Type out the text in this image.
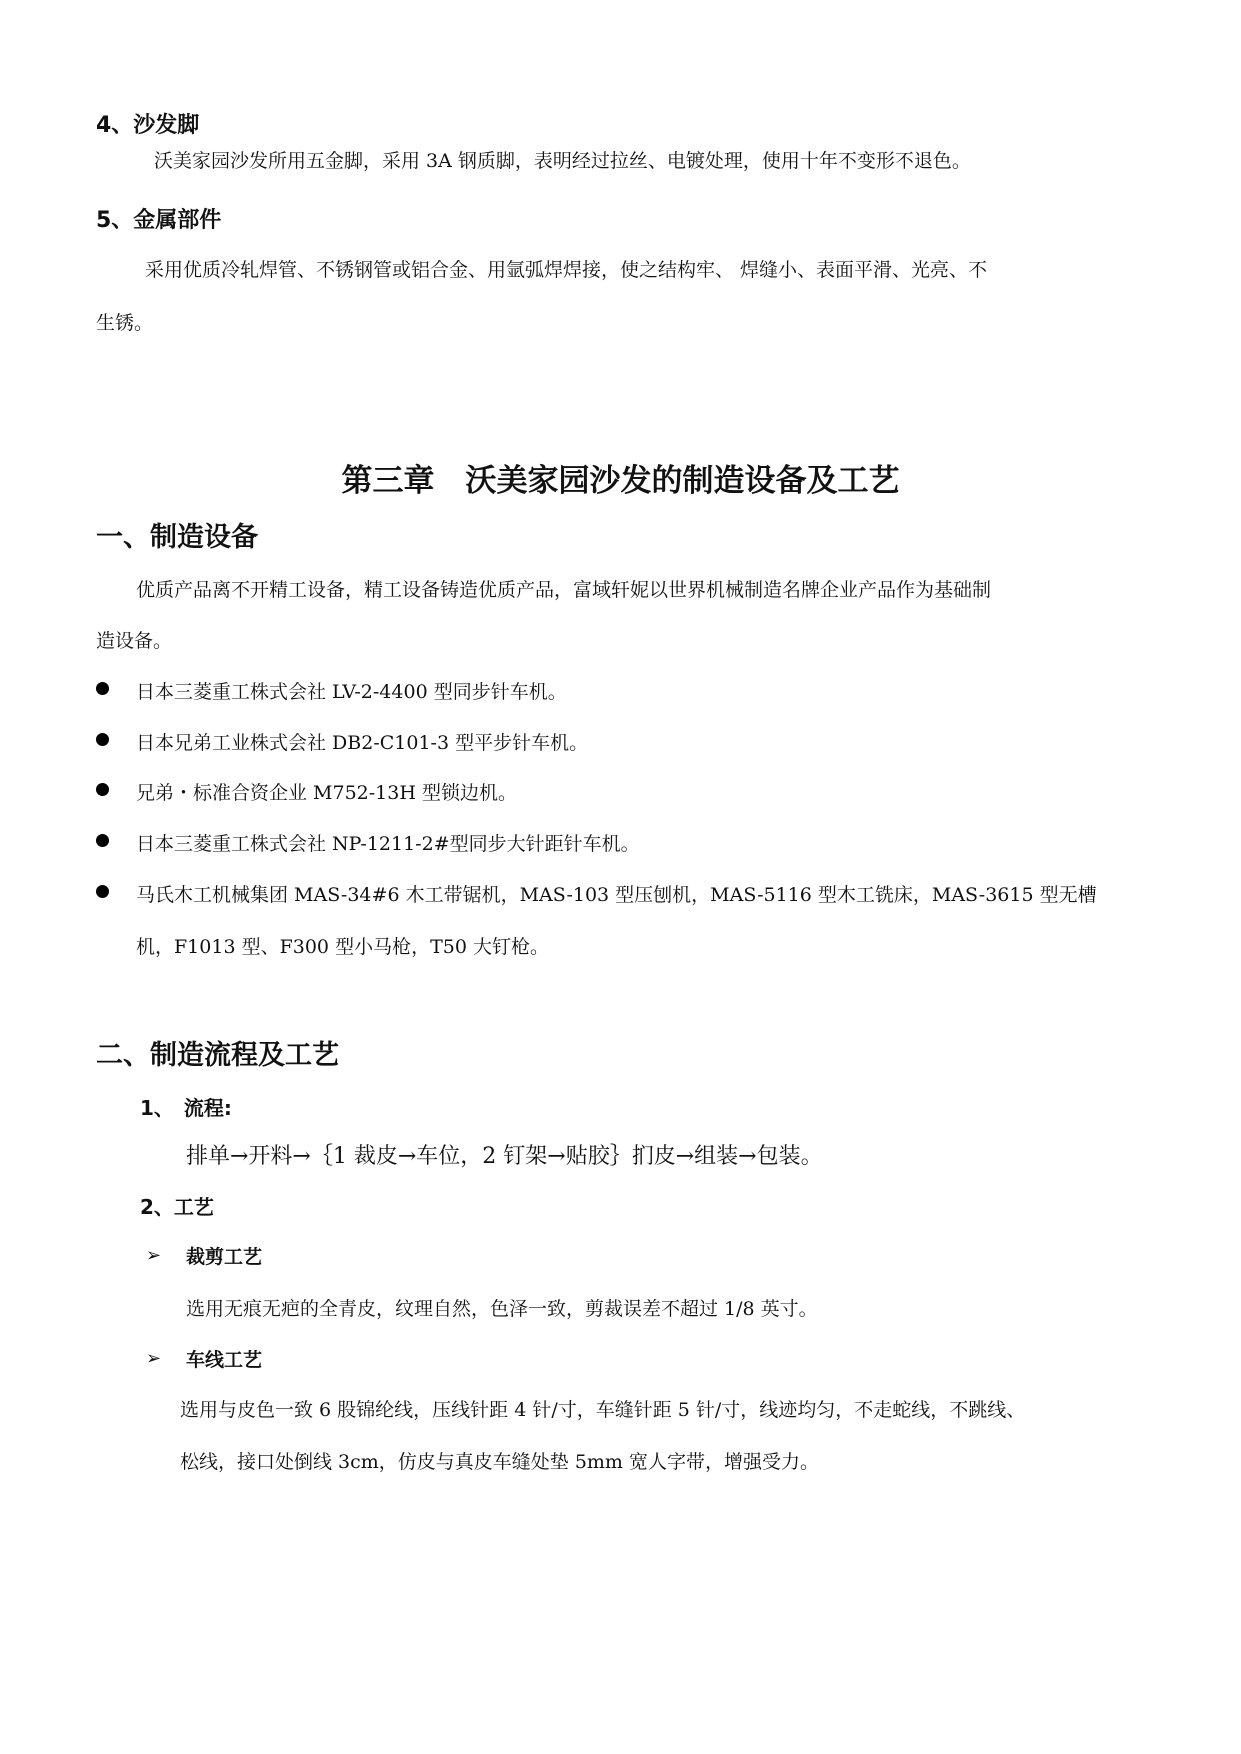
4、沙发脚
沃美家园沙发所用五金脚，采用 3A 钢质脚，表明经过拉丝、电镀处理，使用十年不变形不退色。
5、金属部件
采用优质冷轧焊管、不锈钢管或铝合金、用氩弧焊焊接，使之结构牢、 焊缝小、表面平滑、光亮、不
生锈。
第三章　沃美家园沙发的制造设备及工艺
一、制造设备
优质产品离不开精工设备，精工设备铸造优质产品，富域轩妮以世界机械制造名牌企业产品作为基础制
造设备。
日本三菱重工株式会社 LV-2-4400 型同步针车机。
日本兄弟工业株式会社 DB2-C101-3 型平步针车机。
兄弟・标准合资企业 M752-13H 型锁边机。
日本三菱重工株式会社 NP-1211-2#型同步大针距针车机。
马氏木工机械集团 MAS-34#6 木工带锯机，MAS-103 型压刨机，MAS-5116 型木工铣床，MAS-3615 型无槽
机，F1013 型、F300 型小马枪，T50 大钉枪。
二、制造流程及工艺
1、　流程:
排单→开料→｛1 裁皮→车位，2 钉架→贴胶｝扪皮→组装→包装。
2、工艺
➢ 裁剪工艺
选用无痕无疤的全青皮，纹理自然，色泽一致，剪裁误差不超过 1/8 英寸。
➢ 车线工艺
选用与皮色一致 6 股锦纶线，压线针距 4 针/寸，车缝针距 5 针/寸，线迹均匀，不走蛇线，不跳线、
松线，接口处倒线 3cm，仿皮与真皮车缝处垫 5mm 宽人字带，增强受力。
